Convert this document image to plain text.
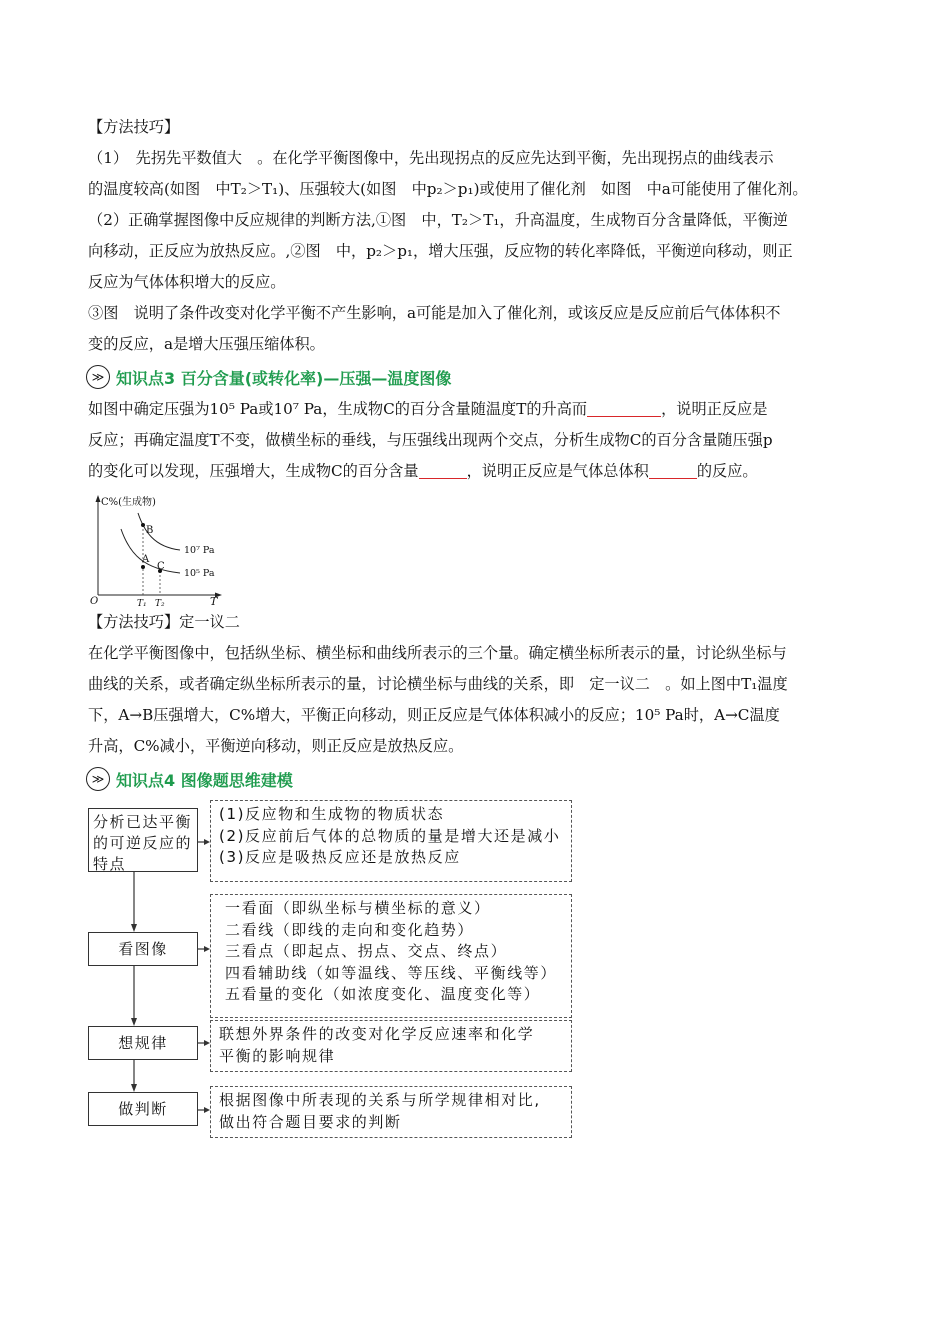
【方法技巧】

（1）　先拐先平数值大　。在化学平衡图像中，先出现拐点的反应先达到平衡，先出现拐点的曲线表示

的温度较高(如图　中T₂＞T₁)、压强较大(如图　中p₂＞p₁)或使用了催化剂　如图　中a可能使用了催化剂。

（2）正确掌握图像中反应规律的判断方法,①图　中，T₂＞T₁，升高温度，生成物百分含量降低，平衡逆

向移动，正反应为放热反应。,②图　中，p₂＞p₁，增大压强，反应物的转化率降低，平衡逆向移动，则正

反应为气体体积增大的反应。

③图　说明了条件改变对化学平衡不产生影响，a可能是加入了催化剂，或该反应是反应前后气体体积不

变的反应，a是增大压强压缩体积。

≫ 知识点3 百分含量(或转化率)—压强—温度图像

如图中确定压强为10⁵ Pa或10⁷ Pa，生成物C的百分含量随温度T的升高而	，说明正反应是

反应；再确定温度T不变，做横坐标的垂线，与压强线出现两个交点，分析生成物C的百分含量随压强p

的变化可以发现，压强增大，生成物C的百分含量	，说明正反应是气体总体积	的反应。

C%(生成物)
O	T
10⁷ Pa
10⁵ Pa
B
A
C
T₁ T₂

【方法技巧】定一议二

在化学平衡图像中，包括纵坐标、横坐标和曲线所表示的三个量。确定横坐标所表示的量，讨论纵坐标与

曲线的关系，或者确定纵坐标所表示的量，讨论横坐标与曲线的关系，即　定一议二　。如上图中T₁温度

下，A→B压强增大，C%增大，平衡正向移动，则正反应是气体体积减小的反应；10⁵ Pa时，A→C温度

升高，C%减小，平衡逆向移动，则正反应是放热反应。

≫ 知识点4 图像题思维建模
分析已达平衡的可逆反应的特点
(1)反应物和生成物的物质状态
(2)反应前后气体的总物质的量是增大还是减小
(3)反应是吸热反应还是放热反应
看图像
一看面（即纵坐标与横坐标的意义）
二看线（即线的走向和变化趋势）
三看点（即起点、拐点、交点、终点）
四看辅助线（如等温线、等压线、平衡线等）
五看量的变化（如浓度变化、温度变化等）
想规律	联想外界条件的改变对化学反应速率和化学
平衡的影响规律
做判断	根据图像中所表现的关系与所学规律相对比,
做出符合题目要求的判断
